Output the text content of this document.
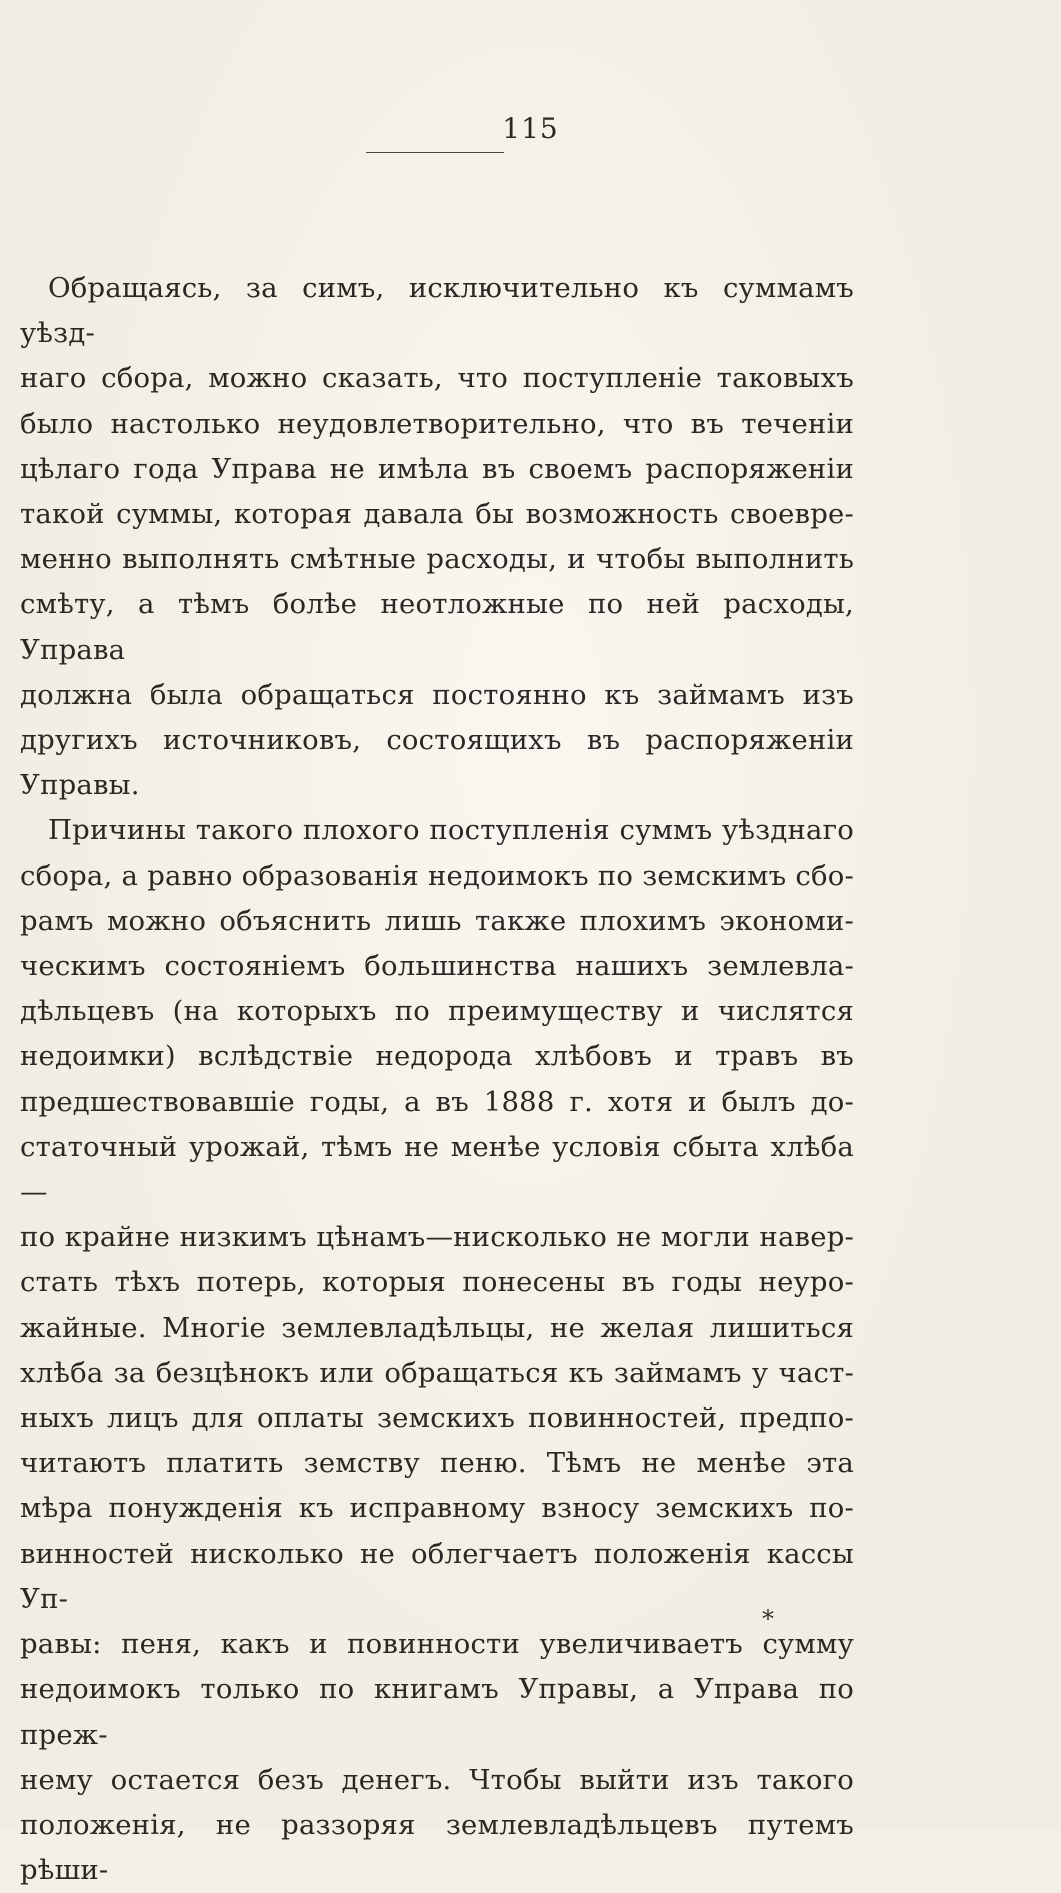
115

Обращаясь, за симъ, исключительно къ суммамъ уѣзд-

наго сбора, можно сказать, что поступленіе таковыхъ

было настолько неудовлетворительно, что въ теченіи

цѣлаго года Управа не имѣла въ своемъ распоряженіи

такой суммы, которая давала бы возможность своевре-

менно выполнять смѣтные расходы, и чтобы выполнить

смѣту, а тѣмъ болѣе неотложные по ней расходы, Управа

должна была обращаться постоянно къ займамъ изъ

другихъ источниковъ, состоящихъ въ распоряженіи

Управы.

Причины такого плохого поступленія суммъ уѣзднаго

сбора, а равно образованія недоимокъ по земскимъ сбо-

рамъ можно объяснить лишь также плохимъ экономи-

ческимъ состояніемъ большинства нашихъ землевла-

дѣльцевъ (на которыхъ по преимуществу и числятся

недоимки) вслѣдствіе недорода хлѣбовъ и травъ въ

предшествовавшіе годы, а въ 1888 г. хотя и былъ до-

статочный урожай, тѣмъ не менѣе условія сбыта хлѣба—

по крайне низкимъ цѣнамъ—нисколько не могли навер-

стать тѣхъ потерь, которыя понесены въ годы неуро-

жайные. Многіе землевладѣльцы, не желая лишиться

хлѣба за безцѣнокъ или обращаться къ займамъ у част-

ныхъ лицъ для оплаты земскихъ повинностей, предпо-

читаютъ платить земству пеню. Тѣмъ не менѣе эта

мѣра понужденія къ исправному взносу земскихъ по-

винностей нисколько не облегчаетъ положенія кассы Уп-

равы: пеня, какъ и повинности увеличиваетъ сумму

недоимокъ только по книгамъ Управы, а Управа по преж-

нему остается безъ денегъ. Чтобы выйти изъ такого

положенія, не раззоряя землевладѣльцевъ путемъ рѣши-

*
